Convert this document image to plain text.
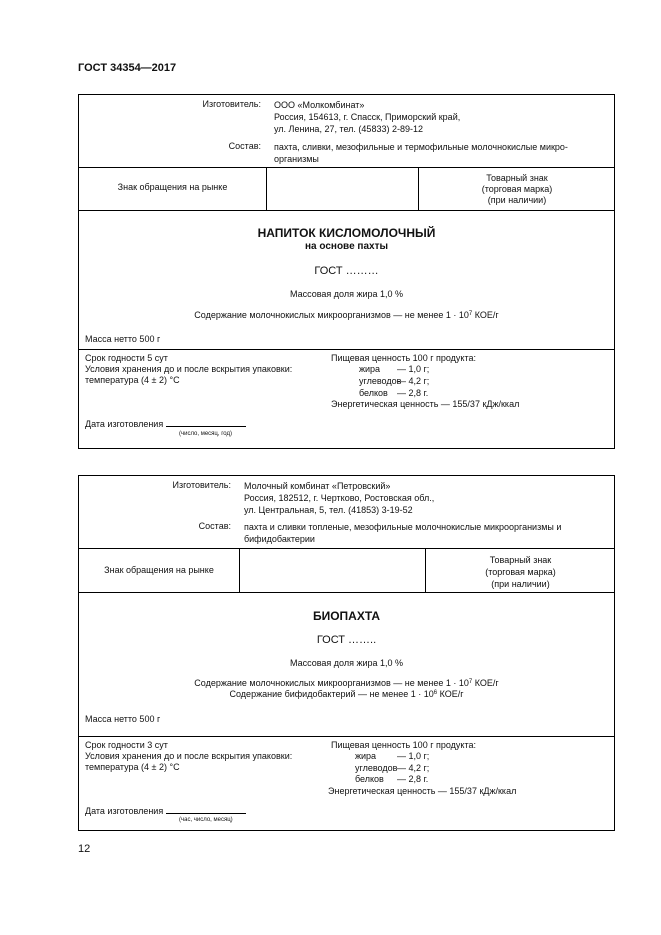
ГОСТ 34354—2017
Изготовитель: ООО «Молкомбинат»
Россия, 154613, г. Спасск, Приморский край,
ул. Ленина, 27, тел. (45833) 2-89-12
Состав: пахта, сливки, мезофильные и термофильные молочнокислые микро-
организмы
Знак обращения на рынке
Товарный знак
(торговая марка)
(при наличии)
НАПИТОК КИСЛОМОЛОЧНЫЙ
на основе пахты
ГОСТ ………
Массовая доля жира 1,0 %
Содержание молочнокислых микроорганизмов — не менее $1 \cdot 10^7$ КОЕ/г
Масса нетто 500 г
Срок годности 5 сут
Условия хранения до и после вскрытия упаковки:
температура (4 ± 2) °C
Пищевая ценность 100 г продукта:
жира — 1,0 г;
углеводов
— 4,2 г;
белков — 2,8 г.
Энергетическая ценность — 155/37 кДж/ккал
Дата изготовления
(число, месяц, год)
Изготовитель: Молочный комбинат «Петровский»
Россия, 182512, г. Чертково, Ростовская обл.,
ул. Центральная, 5, тел. (41853) 3-19-52
Состав: пахта и сливки топленые, мезофильные молочнокислые микроорганизмы и
бифидобактерии
Знак обращения на рынке
Товарный знак
(торговая марка)
(при наличии)
БИОПАХТА
ГОСТ ……..
Массовая доля жира 1,0 %
Содержание молочнокислых микроорганизмов — не менее $1 \cdot 10^7$ КОЕ/г
Содержание бифидобактерий — не менее $1 \cdot 10^6$ КОЕ/г
Масса нетто 500 г
Срок годности 3 сут
Условия хранения до и после вскрытия упаковки:
температура (4 ± 2) °C
Пищевая ценность 100 г продукта:
жира — 1,0 г;
углеводов — 4,2 г;
белков — 2,8 г.
Энергетическая ценность — 155/37 кДж/ккал
Дата изготовления
(час, число, месяц)
12
